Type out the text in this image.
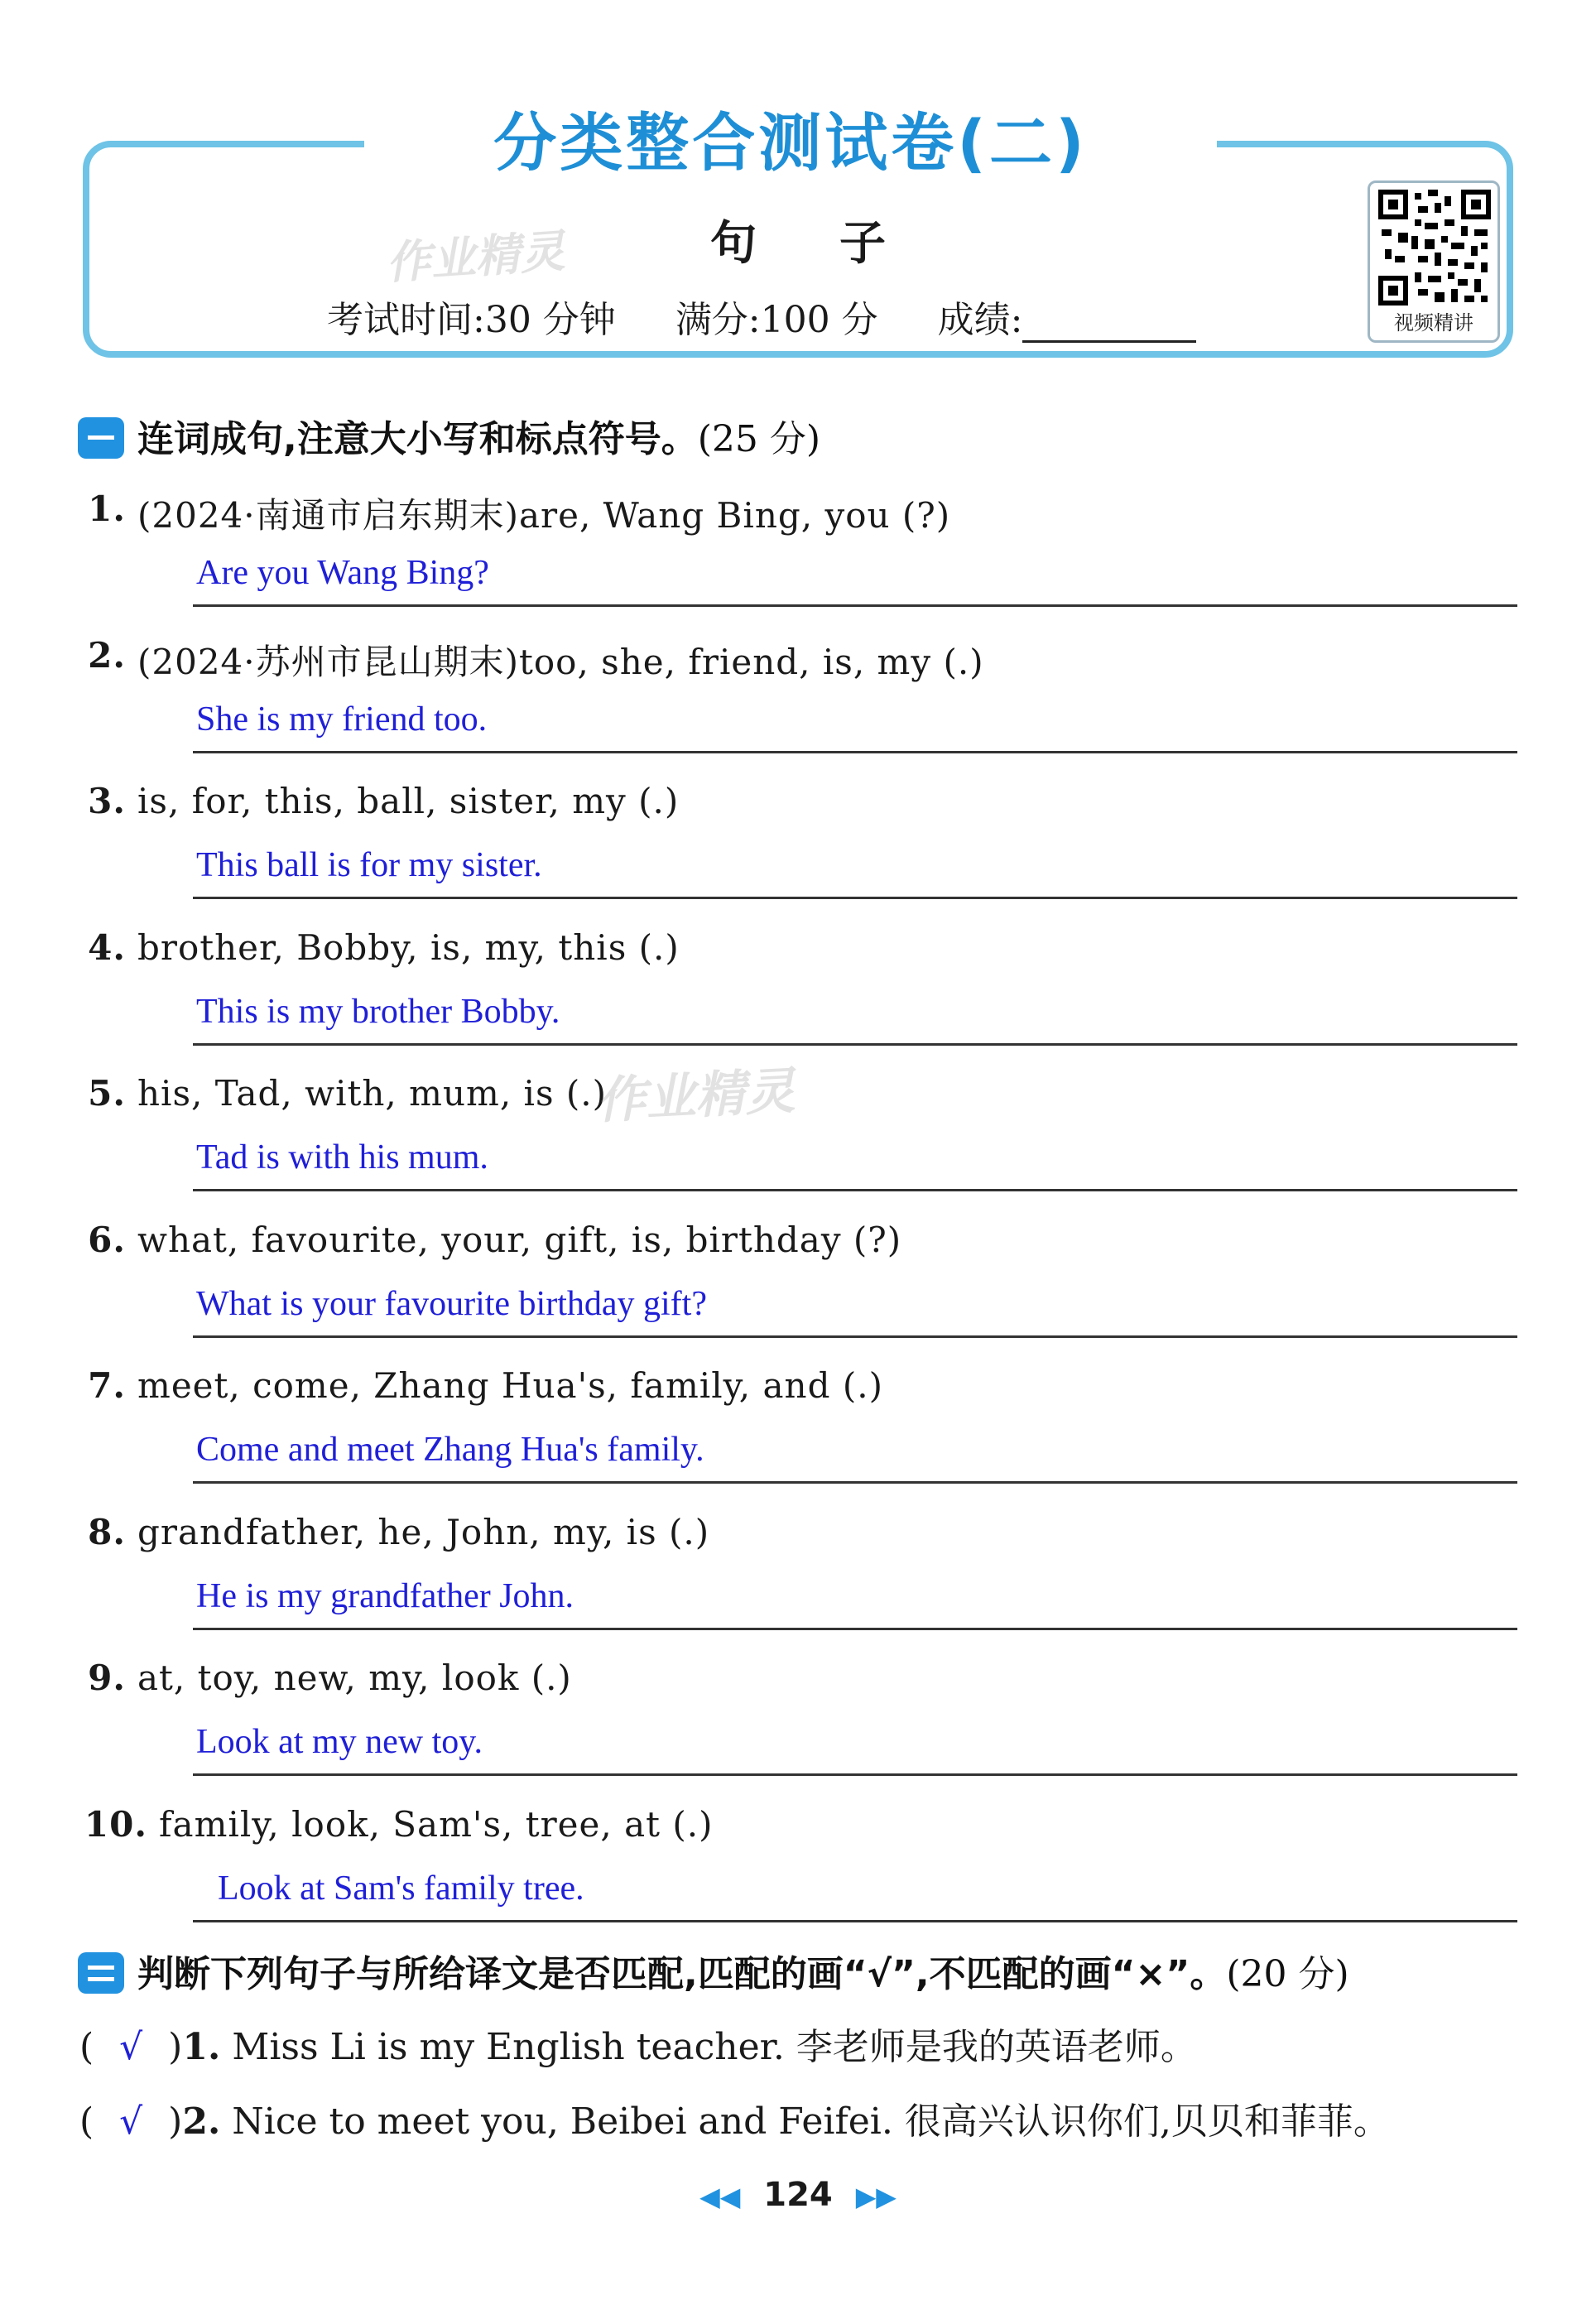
分类整合测试卷(二)
作业精灵	句子
考试时间:30 分钟 满分:100 分 成绩:	视频精讲
连词成句,注意大小写和标点符号。(25 分)
1. (2024·南通市启东期末)are, Wang Bing, you (?)
Are you Wang Bing?
2. (2024·苏州市昆山期末)too, she, friend, is, my (.)
She is my friend too.
3. is, for, this, ball, sister, my (.)
This ball is for my sister.
4. brother, Bobby, is, my, this (.)
This is my brother Bobby.
5. his, Tad, with, mum, is (.)
Tad is with his mum.
6. what, favourite, your, gift, is, birthday (?)
What is your favourite birthday gift?
7. meet, come, Zhang Hua's, family, and (.)
Come and meet Zhang Hua's family.
8. grandfather, he, John, my, is (.)
He is my grandfather John.
9. at, toy, new, my, look (.)
Look at my new toy.
10. family, look, Sam's, tree, at (.)
Look at Sam's family tree.
判断下列句子与所给译文是否匹配,匹配的画“√”,不匹配的画“×”。(20 分)
( √ )1. Miss Li is my English teacher. 李老师是我的英语老师。
( √ )2. Nice to meet you, Beibei and Feifei. 很高兴认识你们,贝贝和菲菲。
◀◀ 124 ▶▶
作业精灵
